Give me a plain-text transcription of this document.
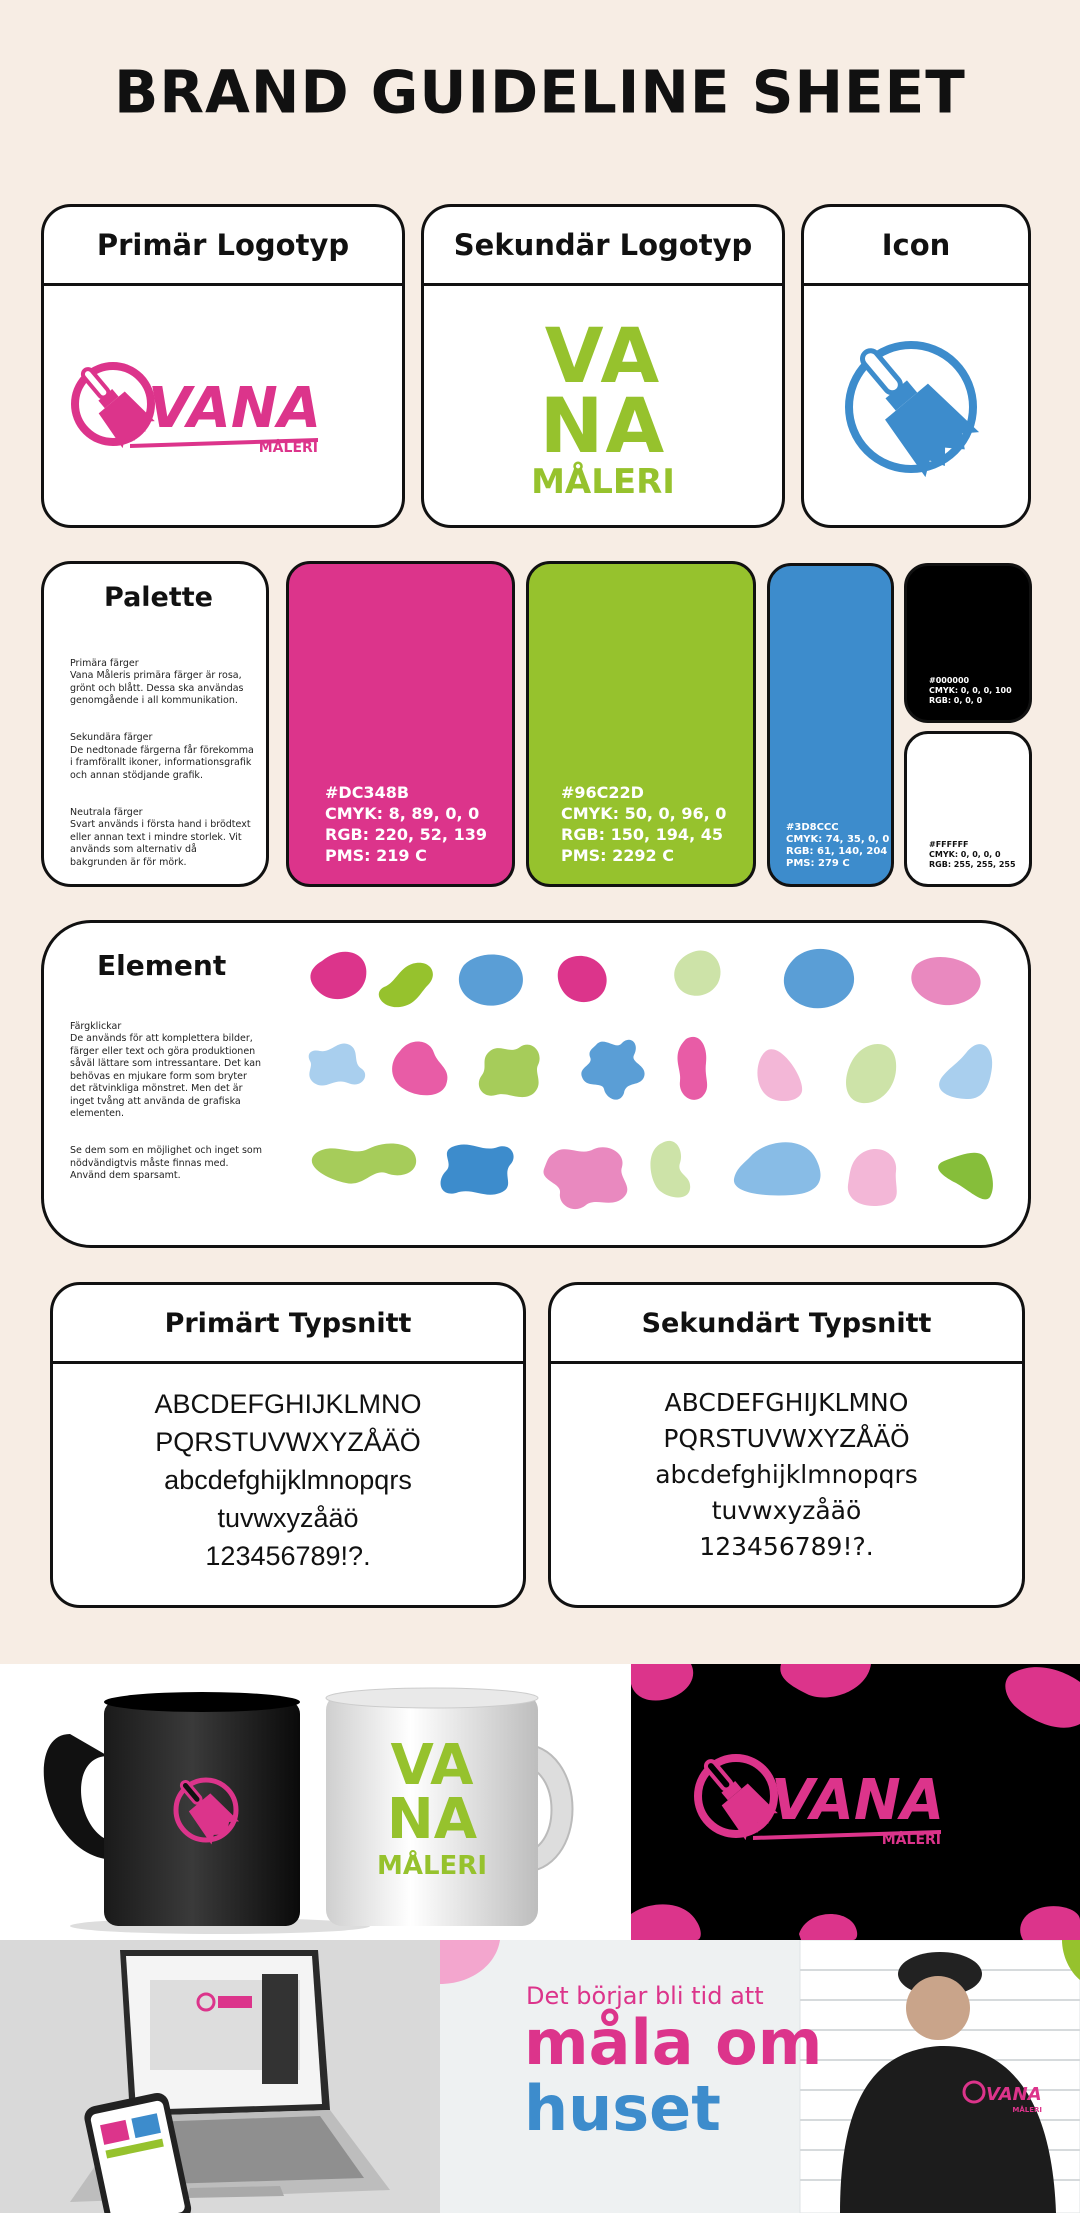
BRAND GUIDELINE SHEET
Primär Logotyp
VANA
MÅLERI
Sekundär Logotyp
VA
NA
MÅLERI
Icon
Palette

Primära färger
Vana Måleris primära färger är rosa, grönt och blått. Dessa ska användas genomgående i all kommunikation.

Sekundära färger
De nedtonade färgerna får förekomma i framförallt ikoner, informationsgrafik och annan stödjande grafik.

Neutrala färger
Svart används i första hand i brödtext eller annan text i mindre storlek. Vit används som alternativ då bakgrunden är för mörk.

#DC348B
CMYK: 8, 89, 0, 0
RGB: 220, 52, 139
PMS: 219 C
#96C22D
CMYK: 50, 0, 96, 0
RGB: 150, 194, 45
PMS: 2292 C
#3D8CCC
CMYK: 74, 35, 0, 0
RGB: 61, 140, 204
PMS: 279 C
#000000
CMYK: 0, 0, 0, 100
RGB: 0, 0, 0
#FFFFFF
CMYK: 0, 0, 0, 0
RGB: 255, 255, 255
Element

Färgklickar
De används för att komplettera bilder, färger eller text och göra produktionen såväl lättare som intressantare. Det kan behövas en mjukare form som bryter det rätvinkliga mönstret. Men det är inget tvång att använda de grafiska elementen.

Se dem som en möjlighet och inget som nödvändigtvis måste finnas med. Använd dem sparsamt.

Primärt Typsnitt
ABCDEFGHIJKLMNO
PQRSTUVWXYZÅÄÖ
abcdefghijklmnopqrs
tuvwxyzåäö
123456789!?.
Sekundärt Typsnitt
ABCDEFGHIJKLMNO
PQRSTUVWXYZÅÄÖ
abcdefghijklmnopqrs
tuvwxyzåäö
123456789!?.
VA
NA
MÅLERI
VANA
MÅLERI
VANA
MÅLERI
Det börjar bli tid att
måla om
huset
